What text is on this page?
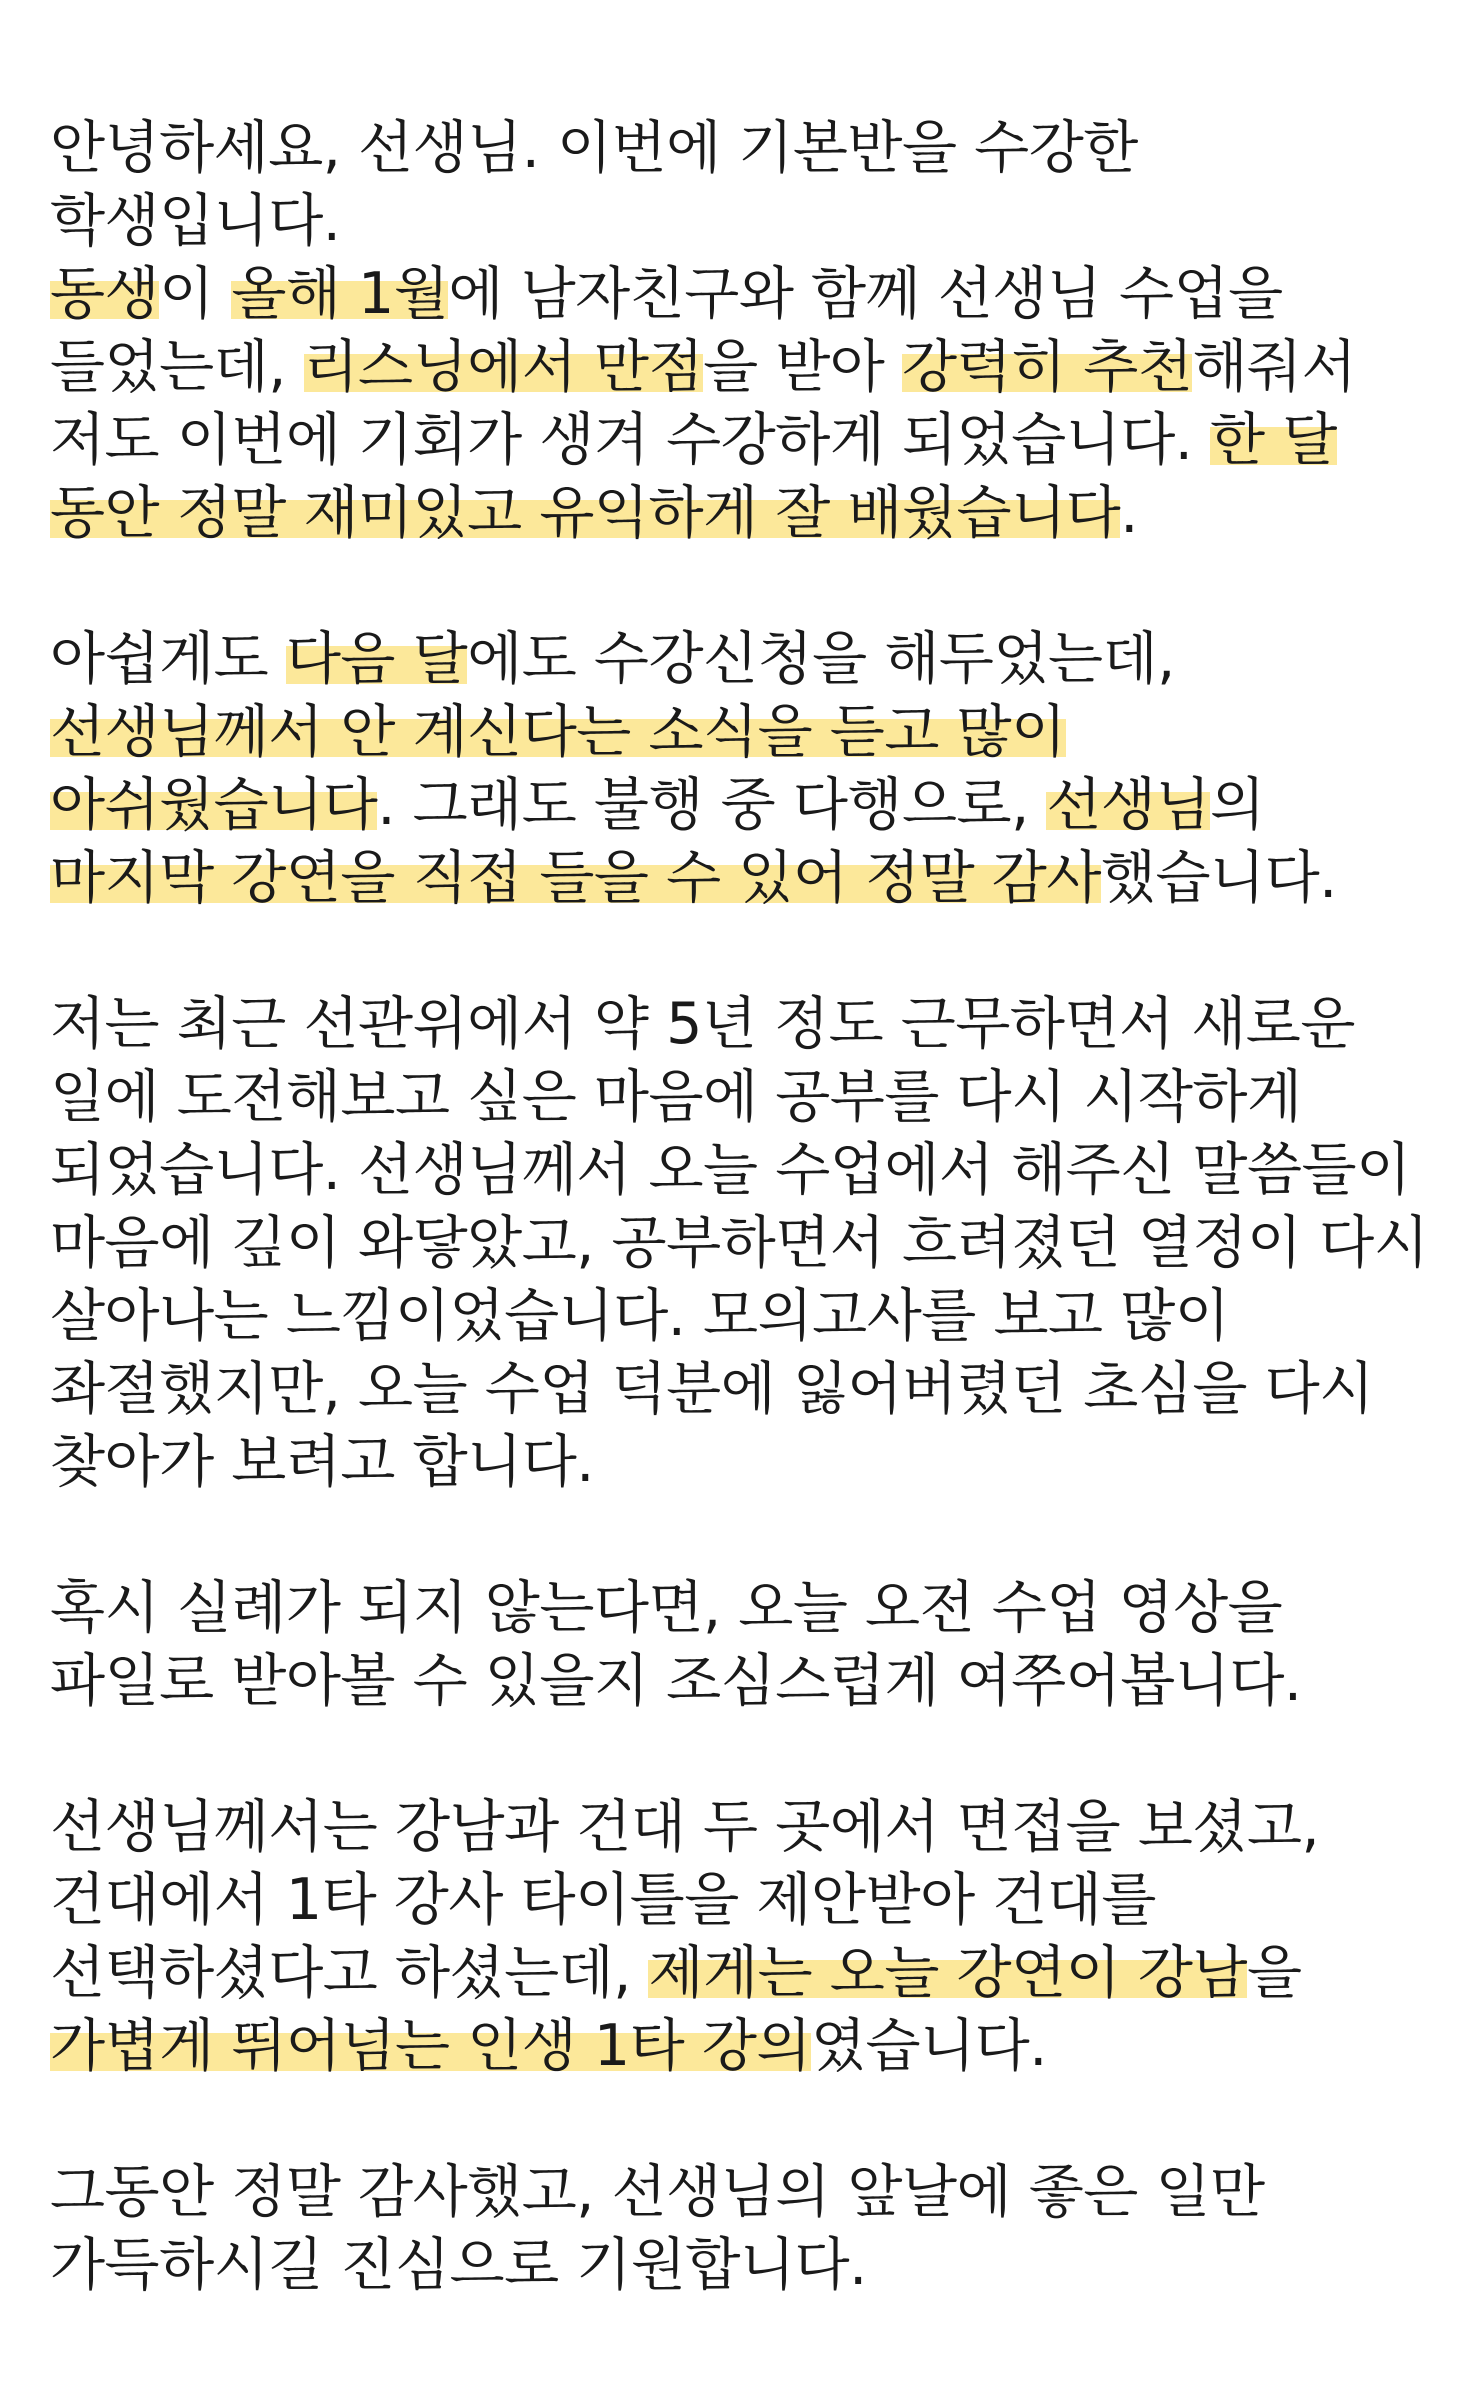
안녕하세요, 선생님. 이번에 기본반을 수강한
학생입니다.
동생이 올해 1월에 남자친구와 함께 선생님 수업을
들었는데, 리스닝에서 만점을 받아 강력히 추천해줘서
저도 이번에 기회가 생겨 수강하게 되었습니다. 한 달
동안 정말 재미있고 유익하게 잘 배웠습니다.
아쉽게도 다음 달에도 수강신청을 해두었는데,
선생님께서 안 계신다는 소식을 듣고 많이
아쉬웠습니다. 그래도 불행 중 다행으로, 선생님의
마지막 강연을 직접 들을 수 있어 정말 감사했습니다.
저는 최근 선관위에서 약 5년 정도 근무하면서 새로운
일에 도전해보고 싶은 마음에 공부를 다시 시작하게
되었습니다. 선생님께서 오늘 수업에서 해주신 말씀들이
마음에 깊이 와닿았고, 공부하면서 흐려졌던 열정이 다시
살아나는 느낌이었습니다. 모의고사를 보고 많이
좌절했지만, 오늘 수업 덕분에 잃어버렸던 초심을 다시
찾아가 보려고 합니다.
혹시 실례가 되지 않는다면, 오늘 오전 수업 영상을
파일로 받아볼 수 있을지 조심스럽게 여쭈어봅니다.
선생님께서는 강남과 건대 두 곳에서 면접을 보셨고,
건대에서 1타 강사 타이틀을 제안받아 건대를
선택하셨다고 하셨는데, 제게는 오늘 강연이 강남을
가볍게 뛰어넘는 인생 1타 강의였습니다.
그동안 정말 감사했고, 선생님의 앞날에 좋은 일만
가득하시길 진심으로 기원합니다.
